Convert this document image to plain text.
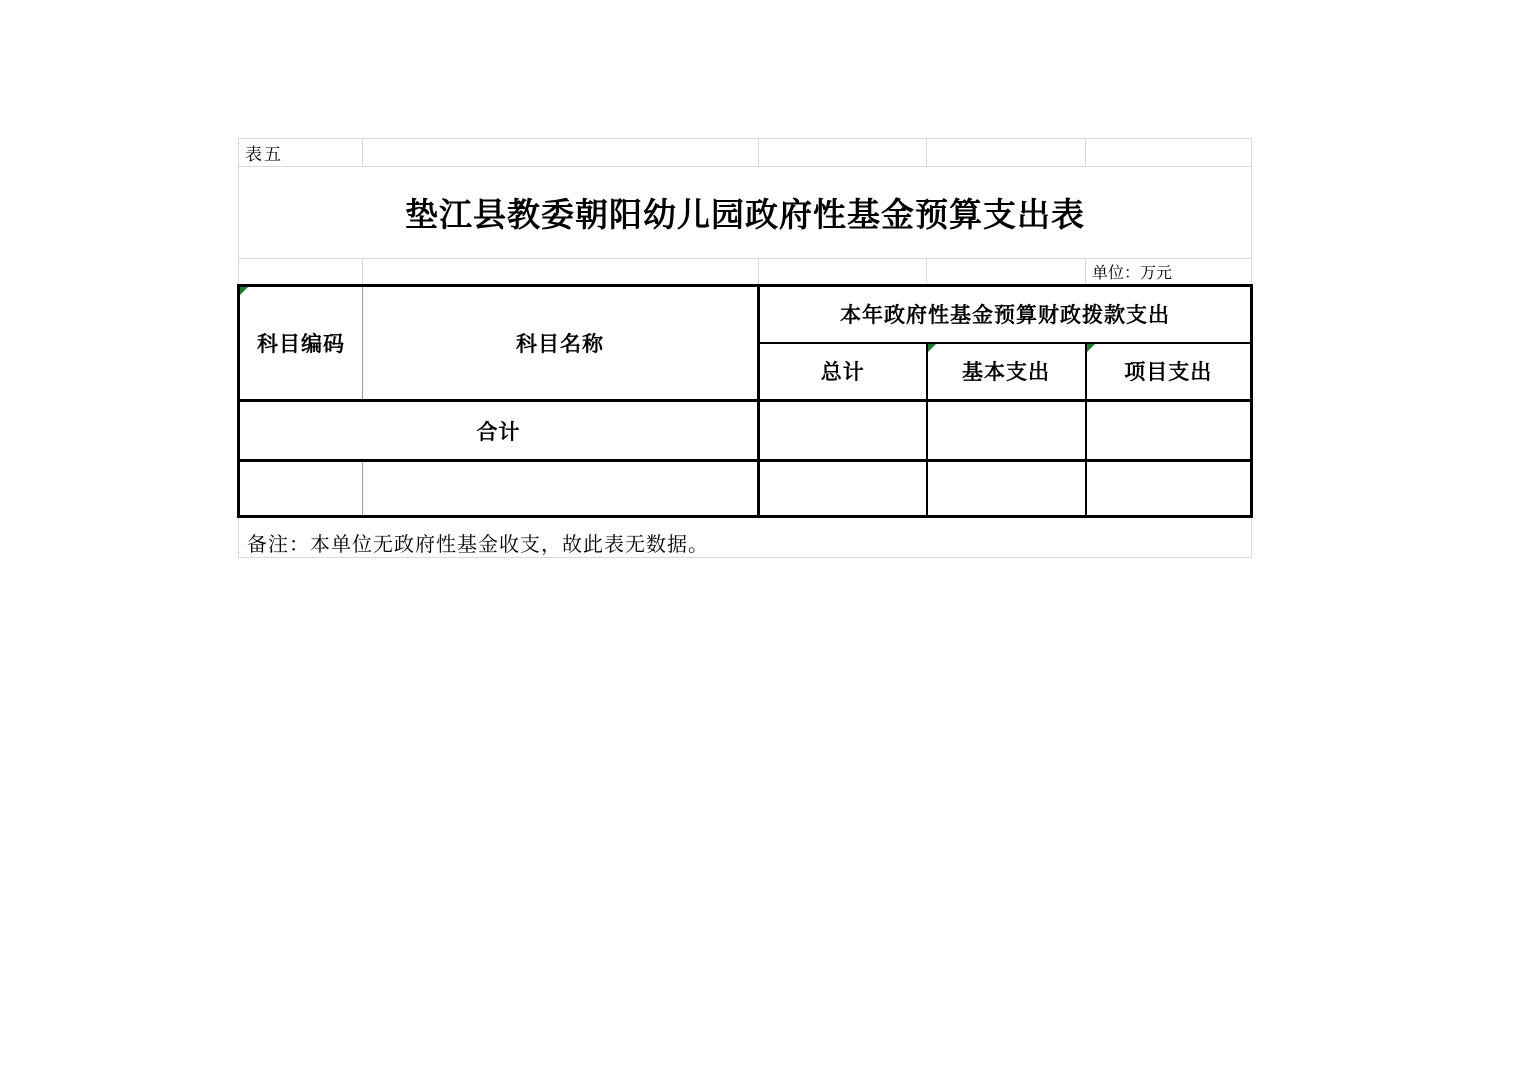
表五				
垫江县教委朝阳幼儿园政府性基金预算支出表				
				单位：万元

科目编码	科目名称	本年政府性基金预算财政拨款支出		
		总计	基本支出	项目支出
合计				

备注：本单位无政府性基金收支，故此表无数据。				
